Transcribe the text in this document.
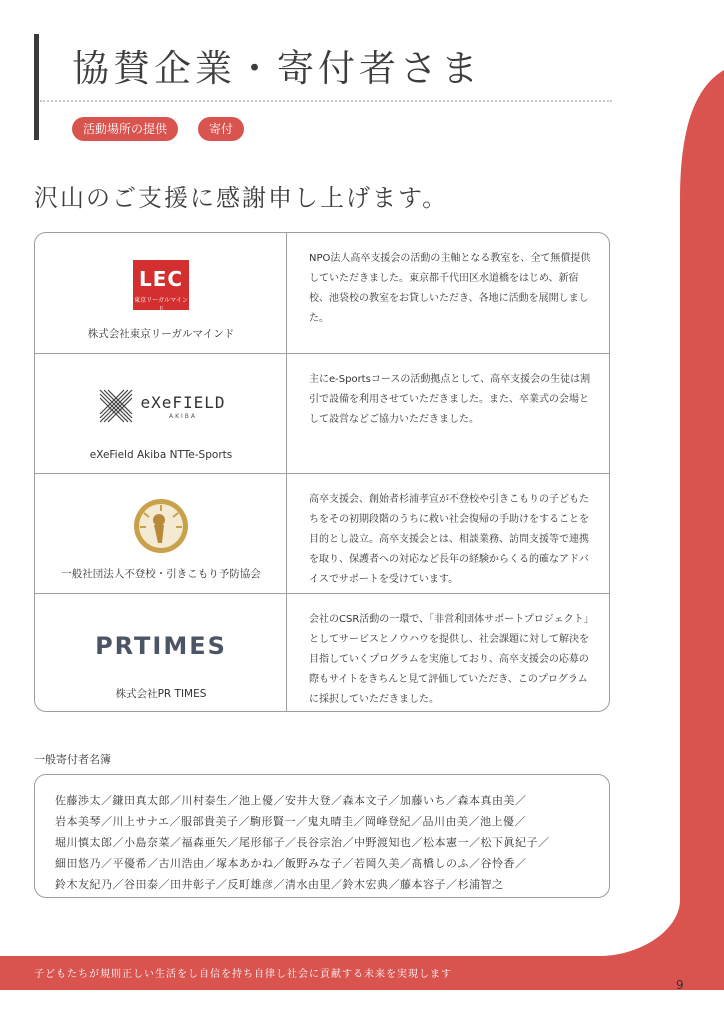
協賛企業・寄付者さま
活動場所の提供	寄付

沢山のご支援に感謝申し上げます。

LEC
東京リーガルマインド
株式会社東京リーガルマインド

NPO法人高卒支援会の活動の主軸となる教室を、全て無償提供していただきました。東京都千代田区水道橋をはじめ、新宿校、池袋校の教室をお貸しいただき、各地に活動を展開しました。

eXeFIELD
AKIBA
eXeField Akiba NTTe-Sports

主にe-Sportsコースの活動拠点として、高卒支援会の生徒は割引で設備を利用させていただきました。また、卒業式の会場として設営などご協力いただきました。

一般社団法人不登校・引きこもり予防協会

高卒支援会、創始者杉浦孝宣が不登校や引きこもりの子どもたちをその初期段階のうちに救い社会復帰の手助けをすることを目的とし設立。高卒支援会とは、相談業務、訪問支援等で連携を取り、保護者への対応など長年の経験からくる的確なアドバイスでサポートを受けています。

PRTIMES
株式会社PR TIMES

会社のCSR活動の一環で、「非営利団体サポートプロジェクト」としてサービスとノウハウを提供し、社会課題に対して解決を目指していくプログラムを実施しており、高卒支援会の応募の際もサイトをきちんと見て評価していただき、このプログラムに採択していただきました。

一般寄付者名簿

佐藤渉太／鎌田真太郎／川村泰生／池上優／安井大登／森本文子／加藤いち／森本真由美／
岩本美琴／川上サナエ／服部貴美子／駒形賢一／鬼丸晴圭／岡峰登紀／品川由美／池上優／
堀川慎太郎／小島奈菜／福森亜矢／尾形郁子／長谷宗治／中野渡知也／松本憲一／松下眞紀子／
細田悠乃／平優希／古川浩由／塚本あかね／飯野みな子／若岡久美／髙橋しのふ／谷怜香／
鈴木友紀乃／谷田泰／田井彰子／反町雄彦／清水由里／鈴木宏典／藤本容子／杉浦智之
子どもたちが規則正しい生活をし自信を持ち自律し社会に貢献する未来を実現します
9
